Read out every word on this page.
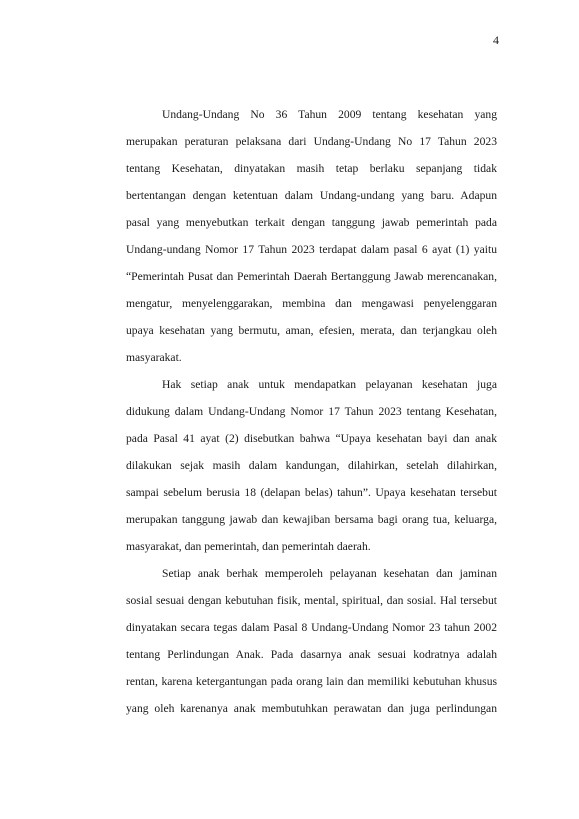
4
Undang-Undang No 36 Tahun 2009 tentang kesehatan yang
merupakan peraturan pelaksana dari Undang-Undang No 17 Tahun 2023
tentang Kesehatan, dinyatakan masih tetap berlaku sepanjang tidak
bertentangan dengan ketentuan dalam Undang-undang yang baru. Adapun
pasal yang menyebutkan terkait dengan tanggung jawab pemerintah pada
Undang-undang Nomor 17 Tahun 2023 terdapat dalam pasal 6 ayat (1) yaitu
“Pemerintah Pusat dan Pemerintah Daerah Bertanggung Jawab merencanakan,
mengatur, menyelenggarakan, membina dan mengawasi penyelenggaran
upaya kesehatan yang bermutu, aman, efesien, merata, dan terjangkau oleh
masyarakat.
Hak setiap anak untuk mendapatkan pelayanan kesehatan juga
didukung dalam Undang-Undang Nomor 17 Tahun 2023 tentang Kesehatan,
pada Pasal 41 ayat (2) disebutkan bahwa “Upaya kesehatan bayi dan anak
dilakukan sejak masih dalam kandungan, dilahirkan, setelah dilahirkan,
sampai sebelum berusia 18 (delapan belas) tahun”. Upaya kesehatan tersebut
merupakan tanggung jawab dan kewajiban bersama bagi orang tua, keluarga,
masyarakat, dan pemerintah, dan pemerintah daerah.
Setiap anak berhak memperoleh pelayanan kesehatan dan jaminan
sosial sesuai dengan kebutuhan fisik, mental, spiritual, dan sosial. Hal tersebut
dinyatakan secara tegas dalam Pasal 8 Undang-Undang Nomor 23 tahun 2002
tentang Perlindungan Anak. Pada dasarnya anak sesuai kodratnya adalah
rentan, karena ketergantungan pada orang lain dan memiliki kebutuhan khusus
yang oleh karenanya anak membutuhkan perawatan dan juga perlindungan
